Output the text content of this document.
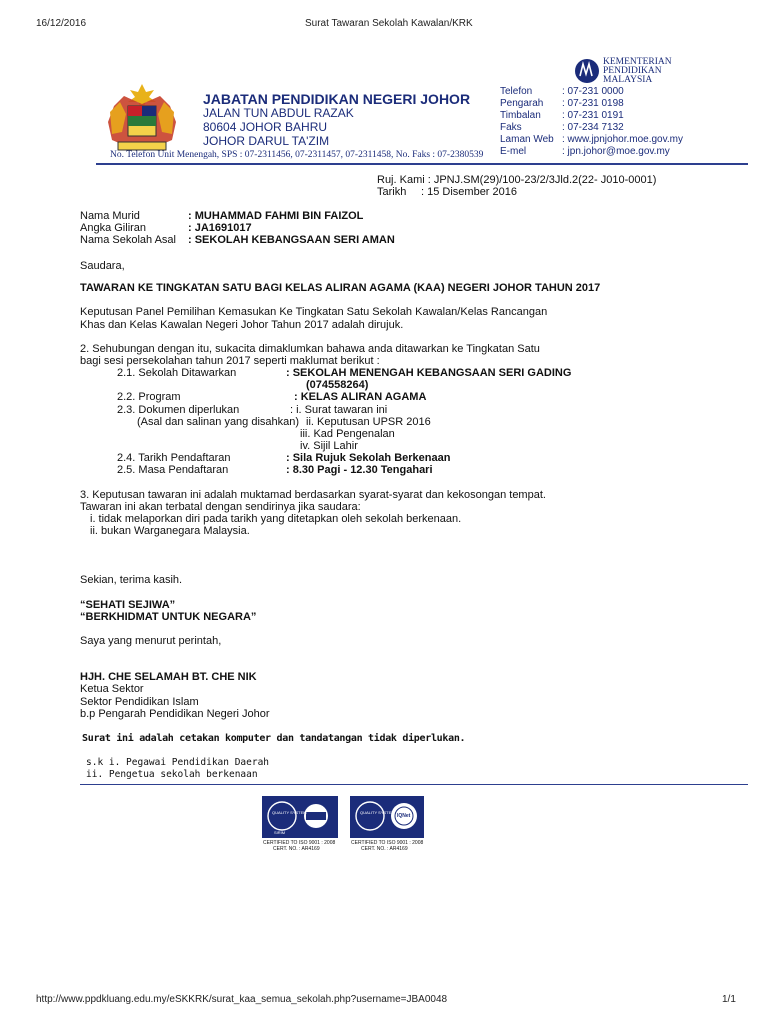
16/12/2016	Surat Tawaran Sekolah Kawalan/KRK
JABATAN PENDIDIKAN NEGERI JOHOR
JALAN TUN ABDUL RAZAK
80604 JOHOR BAHRU
JOHOR DARUL TA'ZIM
No. Telefon Unit Menengah, SPS : 07-2311456, 07-2311457, 07-2311458, No. Faks : 07-2380539
Telefon	: 07-231 0000
Pengarah	: 07-231 0198
Timbalan	: 07-231 0191
Faks	: 07-234 7132
Laman Web	: www.jpnjohor.moe.gov.my
E-mel	: jpn.johor@moe.gov.my
KEMENTERIAN
PENDIDIKAN
MALAYSIA
Ruj. Kami : JPNJ.SM(29)/100-23/2/3Jld.2(22- J010-0001)
Tarikh : 15 Disember 2016
Nama Murid	: MUHAMMAD FAHMI BIN FAIZOL
Angka Giliran	: JA1691017
Nama Sekolah Asal : SEKOLAH KEBANGSAAN SERI AMAN
Saudara,
TAWARAN KE TINGKATAN SATU BAGI KELAS ALIRAN AGAMA (KAA) NEGERI JOHOR TAHUN 2017
Keputusan Panel Pemilihan Kemasukan Ke Tingkatan Satu Sekolah Kawalan/Kelas Rancangan
Khas dan Kelas Kawalan Negeri Johor Tahun 2017 adalah dirujuk.
2. Sehubungan dengan itu, sukacita dimaklumkan bahawa anda ditawarkan ke Tingkatan Satu
bagi sesi persekolahan tahun 2017 seperti maklumat berikut :
2.1. Sekolah Ditawarkan	: SEKOLAH MENENGAH KEBANGSAAN SERI GADING
(074558264)
2.2. Program	: KELAS ALIRAN AGAMA
2.3. Dokumen diperlukan	: i. Surat tawaran ini
(Asal dan salinan yang disahkan) ii. Keputusan UPSR 2016
iii. Kad Pengenalan
iv. Sijil Lahir
2.4. Tarikh Pendaftaran	: Sila Rujuk Sekolah Berkenaan
2.5. Masa Pendaftaran	: 8.30 Pagi - 12.30 Tengahari
3. Keputusan tawaran ini adalah muktamad berdasarkan syarat-syarat dan kekosongan tempat.
Tawaran ini akan terbatal dengan sendirinya jika saudara:
i. tidak melaporkan diri pada tarikh yang ditetapkan oleh sekolah berkenaan.
ii. bukan Warganegara Malaysia.
Sekian, terima kasih.
“SEHATI SEJIWA”
“BERKHIDMAT UNTUK NEGARA”
Saya yang menurut perintah,
HJH. CHE SELAMAH BT. CHE NIK
Ketua Sektor
Sektor Pendidikan Islam
b.p Pengarah Pendidikan Negeri Johor
Surat ini adalah cetakan komputer dan tandatangan tidak diperlukan.
s.k i. Pegawai Pendidikan Daerah
ii. Pengetua sekolah berkenaan
QUALITY SYSTEM
SIRIM
CERTIFIED TO ISO 9001 : 2008
CERT. NO. : AR4169
QUALITY SYSTEM
IQNet
CERTIFIED TO ISO 9001 : 2008
CERT. NO. : AR4169
http://www.ppdkluang.edu.my/eSKKRK/surat_kaa_semua_sekolah.php?username=JBA0048	1/1
